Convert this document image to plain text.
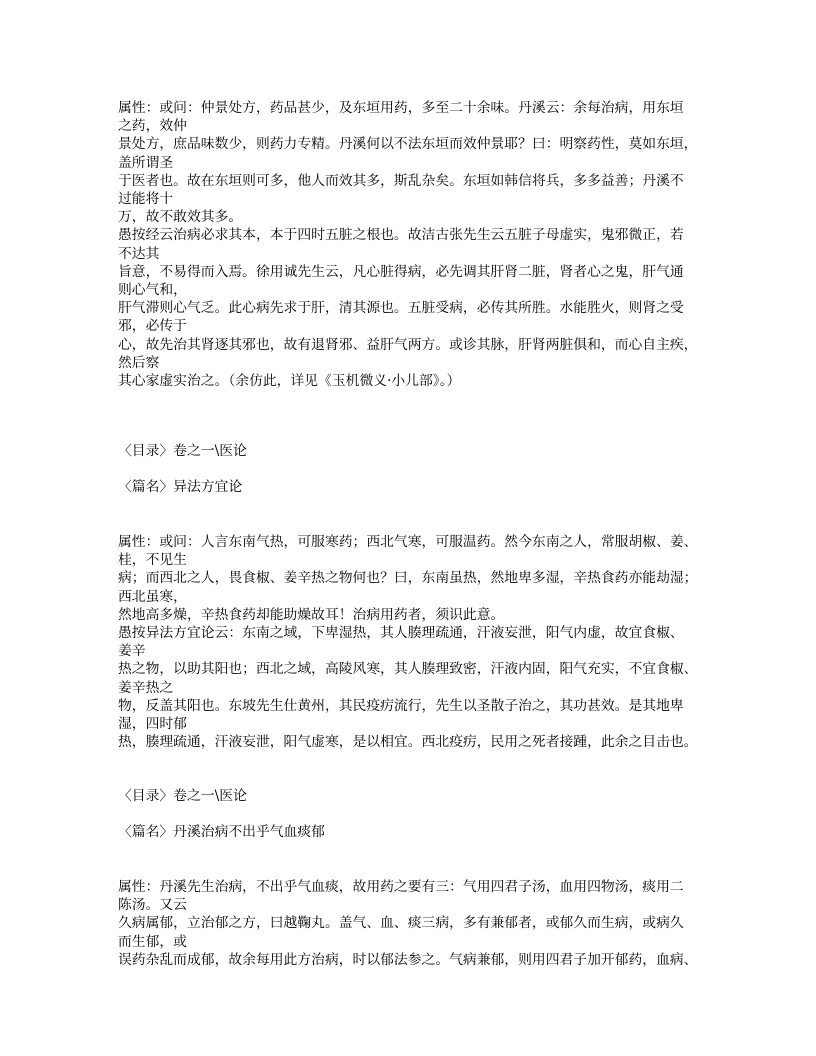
属性：或问：仲景处方，药品甚少，及东垣用药，多至二十余味。丹溪云：余每治病，用东垣
之药，效仲
景处方，庶品味数少，则药力专精。丹溪何以不法东垣而效仲景耶？曰：明察药性，莫如东垣，
盖所谓圣
于医者也。故在东垣则可多，他人而效其多，斯乱杂矣。东垣如韩信将兵，多多益善；丹溪不
过能将十
万，故不敢效其多。
愚按经云治病必求其本，本于四时五脏之根也。故洁古张先生云五脏子母虚实，鬼邪微正，若
不达其
旨意，不易得而入焉。徐用诚先生云，凡心脏得病，必先调其肝肾二脏，肾者心之鬼，肝气通
则心气和，
肝气滞则心气乏。此心病先求于肝，清其源也。五脏受病，必传其所胜。水能胜火，则肾之受
邪，必传于
心，故先治其肾逐其邪也，故有退肾邪、益肝气两方。或诊其脉，肝肾两脏俱和，而心自主疾，
然后察
其心家虚实治之。（余仿此，详见《玉机微义·小儿部》。）
〈目录〉卷之一\医论
〈篇名〉异法方宜论
属性：或问：人言东南气热，可服寒药；西北气寒，可服温药。然今东南之人，常服胡椒、姜、
桂，不见生
病；而西北之人，畏食椒、姜辛热之物何也？曰，东南虽热，然地卑多湿，辛热食药亦能劫湿；
西北虽寒，
然地高多燥，辛热食药却能助燥故耳！治病用药者，须识此意。
愚按异法方宜论云：东南之域，下卑湿热，其人腠理疏通，汗液妄泄，阳气内虚，故宜食椒、
姜辛
热之物，以助其阳也；西北之域，高陵风寒，其人腠理致密，汗液内固，阳气充实，不宜食椒、
姜辛热之
物，反盖其阳也。东坡先生仕黄州，其民疫疠流行，先生以圣散子治之，其功甚效。是其地卑
湿，四时郁
热，腠理疏通，汗液妄泄，阳气虚寒，是以相宜。西北疫疠，民用之死者接踵，此余之目击也。
〈目录〉卷之一\医论
〈篇名〉丹溪治病不出乎气血痰郁
属性：丹溪先生治病，不出乎气血痰，故用药之要有三：气用四君子汤，血用四物汤，痰用二
陈汤。又云
久病属郁，立治郁之方，曰越鞠丸。盖气、血、痰三病，多有兼郁者，或郁久而生病，或病久
而生郁，或
误药杂乱而成郁，故余每用此方治病，时以郁法参之。气病兼郁，则用四君子加开郁药，血病、
